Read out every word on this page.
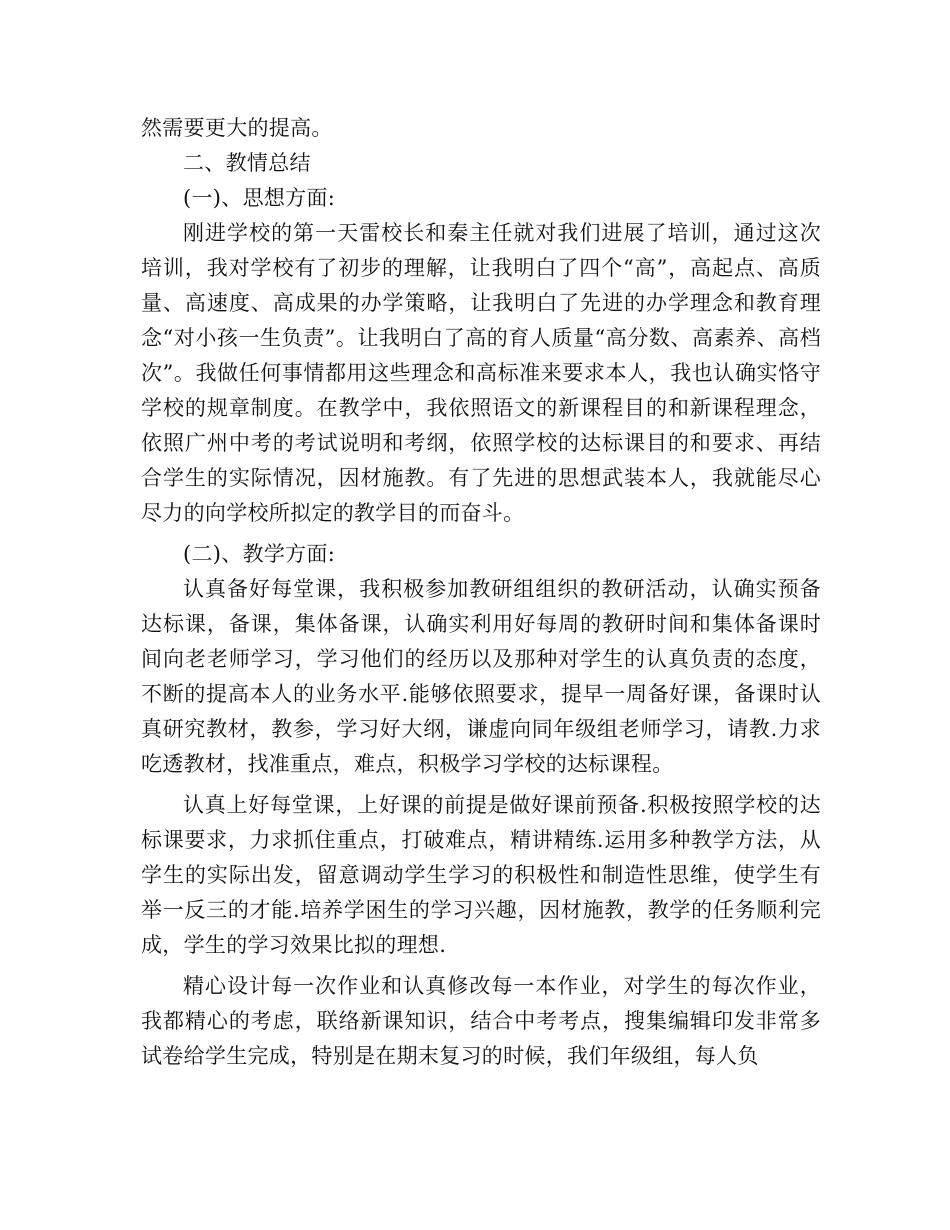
然需要更大的提高。

二、教情总结

(一)、思想方面:

刚进学校的第一天雷校长和秦主任就对我们进展了培训，通过这次培训，我对学校有了初步的理解，让我明白了四个“高”，高起点、高质量、高速度、高成果的办学策略，让我明白了先进的办学理念和教育理念“对小孩一生负责”。让我明白了高的育人质量“高分数、高素养、高档次”。我做任何事情都用这些理念和高标准来要求本人，我也认确实恪守学校的规章制度。在教学中，我依照语文的新课程目的和新课程理念，依照广州中考的考试说明和考纲，依照学校的达标课目的和要求、再结合学生的实际情况，因材施教。有了先进的思想武装本人，我就能尽心尽力的向学校所拟定的教学目的而奋斗。

(二)、教学方面:

认真备好每堂课，我积极参加教研组组织的教研活动，认确实预备达标课，备课，集体备课，认确实利用好每周的教研时间和集体备课时间向老老师学习，学习他们的经历以及那种对学生的认真负责的态度，不断的提高本人的业务水平.能够依照要求，提早一周备好课，备课时认真研究教材，教参，学习好大纲，谦虚向同年级组老师学习，请教.力求吃透教材，找准重点，难点，积极学习学校的达标课程。

认真上好每堂课，上好课的前提是做好课前预备.积极按照学校的达标课要求，力求抓住重点，打破难点，精讲精练.运用多种教学方法，从学生的实际出发，留意调动学生学习的积极性和制造性思维，使学生有举一反三的才能.培养学困生的学习兴趣，因材施教，教学的任务顺利完成，学生的学习效果比拟的理想.

精心设计每一次作业和认真修改每一本作业，对学生的每次作业，我都精心的考虑，联络新课知识，结合中考考点，搜集编辑印发非常多试卷给学生完成，特别是在期末复习的时候，我们年级组，每人负
